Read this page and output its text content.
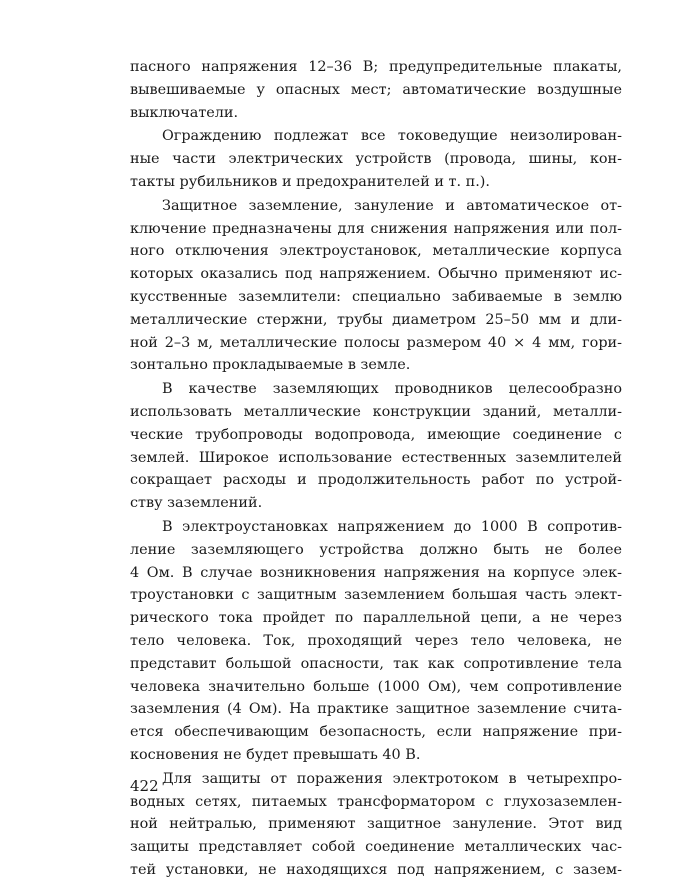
пасного напряжения 12–36 В; предупредительные плакаты,
вывешиваемые у опасных мест; автоматические воздушные
выключатели.
Ограждению подлежат все токоведущие неизолирован-
ные части электрических устройств (провода, шины, кон-
такты рубильников и предохранителей и т. п.).
Защитное заземление, зануление и автоматическое от-
ключение предназначены для снижения напряжения или пол-
ного отключения электроустановок, металлические корпуса
которых оказались под напряжением. Обычно применяют ис-
кусственные заземлители: специально забиваемые в землю
металлические стержни, трубы диаметром 25–50 мм и дли-
ной 2–3 м, металлические полосы размером 40 × 4 мм, гори-
зонтально прокладываемые в земле.
В качестве заземляющих проводников целесообразно
использовать металлические конструкции зданий, металли-
ческие трубопроводы водопровода, имеющие соединение с
землей. Широкое использование естественных заземлителей
сокращает расходы и продолжительность работ по устрой-
ству заземлений.
В электроустановках напряжением до 1000 В сопротив-
ление заземляющего устройства должно быть не более
4 Ом. В случае возникновения напряжения на корпусе элек-
троустановки с защитным заземлением большая часть элект-
рического тока пройдет по параллельной цепи, а не через
тело человека. Ток, проходящий через тело человека, не
представит большой опасности, так как сопротивление тела
человека значительно больше (1000 Ом), чем сопротивление
заземления (4 Ом). На практике защитное заземление счита-
ется обеспечивающим безопасность, если напряжение при-
косновения не будет превышать 40 В.
Для защиты от поражения электротоком в четырехпро-
водных сетях, питаемых трансформатором с глухозаземлен-
ной нейтралью, применяют защитное зануление. Этот вид
защиты представляет собой соединение металлических час-
тей установки, не находящихся под напряжением, с зазем-
422
